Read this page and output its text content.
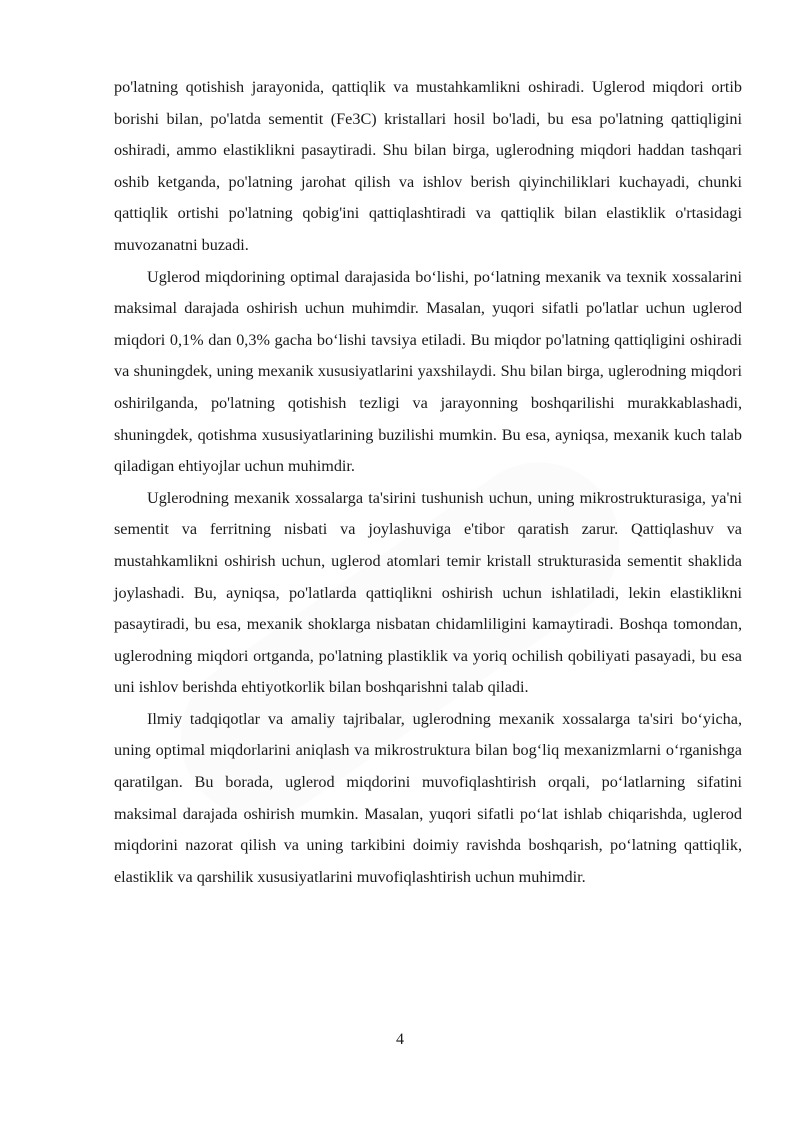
po'latning qotishish jarayonida, qattiqlik va mustahkamlikni oshiradi. Uglerod miqdori ortib borishi bilan, po'latda sementit (Fe3C) kristallari hosil bo'ladi, bu esa po'latning qattiqligini oshiradi, ammo elastiklikni pasaytiradi. Shu bilan birga, uglerodning miqdori haddan tashqari oshib ketganda, po'latning jarohat qilish va ishlov berish qiyinchiliklari kuchayadi, chunki qattiqlik ortishi po'latning qobig'ini qattiqlashtiradi va qattiqlik bilan elastiklik o'rtasidagi muvozanatni buzadi.

Uglerod miqdorining optimal darajasida bo‘lishi, po‘latning mexanik va texnik xossalarini maksimal darajada oshirish uchun muhimdir. Masalan, yuqori sifatli po'latlar uchun uglerod miqdori 0,1% dan 0,3% gacha bo‘lishi tavsiya etiladi. Bu miqdor po'latning qattiqligini oshiradi va shuningdek, uning mexanik xususiyatlarini yaxshilaydi. Shu bilan birga, uglerodning miqdori oshirilganda, po'latning qotishish tezligi va jarayonning boshqarilishi murakkablashadi, shuningdek, qotishma xususiyatlarining buzilishi mumkin. Bu esa, ayniqsa, mexanik kuch talab qiladigan ehtiyojlar uchun muhimdir.

Uglerodning mexanik xossalarga ta'sirini tushunish uchun, uning mikrostrukturasiga, ya'ni sementit va ferritning nisbati va joylashuviga e'tibor qaratish zarur. Qattiqlashuv va mustahkamlikni oshirish uchun, uglerod atomlari temir kristall strukturasida sementit shaklida joylashadi. Bu, ayniqsa, po'latlarda qattiqlikni oshirish uchun ishlatiladi, lekin elastiklikni pasaytiradi, bu esa, mexanik shoklarga nisbatan chidamliligini kamaytiradi. Boshqa tomondan, uglerodning miqdori ortganda, po'latning plastiklik va yoriq ochilish qobiliyati pasayadi, bu esa uni ishlov berishda ehtiyotkorlik bilan boshqarishni talab qiladi.

Ilmiy tadqiqotlar va amaliy tajribalar, uglerodning mexanik xossalarga ta'siri bo‘yicha, uning optimal miqdorlarini aniqlash va mikrostruktura bilan bog‘liq mexanizmlarni o‘rganishga qaratilgan. Bu borada, uglerod miqdorini muvofiqlashtirish orqali, po‘latlarning sifatini maksimal darajada oshirish mumkin. Masalan, yuqori sifatli po‘lat ishlab chiqarishda, uglerod miqdorini nazorat qilish va uning tarkibini doimiy ravishda boshqarish, po‘latning qattiqlik, elastiklik va qarshilik xususiyatlarini muvofiqlashtirish uchun muhimdir.

4
